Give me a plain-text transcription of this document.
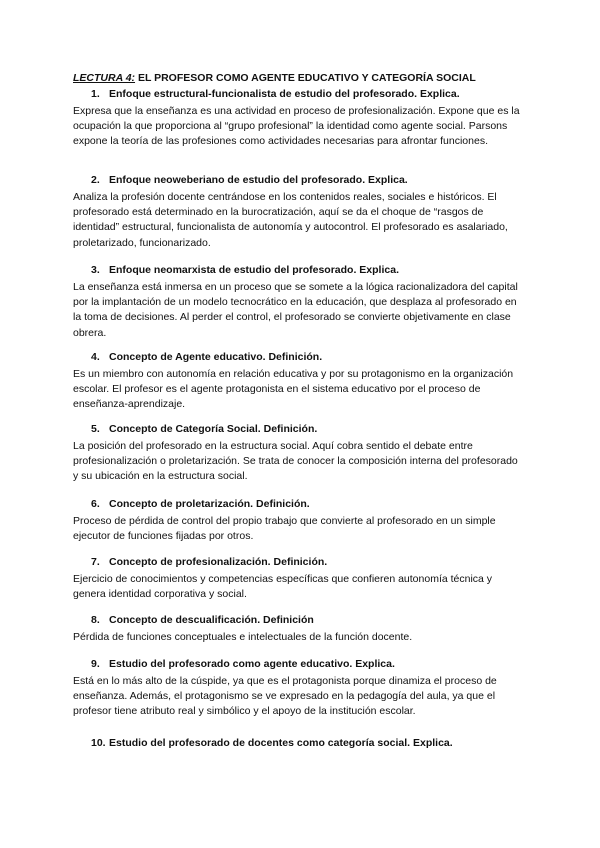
LECTURA 4: EL PROFESOR COMO AGENTE EDUCATIVO Y CATEGORÍA SOCIAL

1. Enfoque estructural-funcionalista de estudio del profesorado. Explica.

Expresa que la enseñanza es una actividad en proceso de profesionalización. Expone que es la ocupación la que proporciona al “grupo profesional” la identidad como agente social. Parsons expone la teoría de las profesiones como actividades necesarias para afrontar funciones.

2. Enfoque neoweberiano de estudio del profesorado. Explica.

Analiza la profesión docente centrándose en los contenidos reales, sociales e históricos. El profesorado está determinado en la burocratización, aquí se da el choque de “rasgos de identidad” estructural, funcionalista de autonomía y autocontrol. El profesorado es asalariado, proletarizado, funcionarizado.

3. Enfoque neomarxista de estudio del profesorado. Explica.

La enseñanza está inmersa en un proceso que se somete a la lógica racionalizadora del capital por la implantación de un modelo tecnocrático en la educación, que desplaza al profesorado en la toma de decisiones. Al perder el control, el profesorado se convierte objetivamente en clase obrera.

4. Concepto de Agente educativo. Definición.

Es un miembro con autonomía en relación educativa y por su protagonismo en la organización escolar. El profesor es el agente protagonista en el sistema educativo por el proceso de enseñanza-aprendizaje.

5. Concepto de Categoría Social. Definición.

La posición del profesorado en la estructura social. Aquí cobra sentido el debate entre profesionalización o proletarización. Se trata de conocer la composición interna del profesorado y su ubicación en la estructura social.

6. Concepto de proletarización. Definición.

Proceso de pérdida de control del propio trabajo que convierte al profesorado en un simple ejecutor de funciones fijadas por otros.

7. Concepto de profesionalización. Definición.

Ejercicio de conocimientos y competencias específicas que confieren autonomía técnica y genera identidad corporativa y social.

8. Concepto de descualificación. Definición

Pérdida de funciones conceptuales e intelectuales de la función docente.

9. Estudio del profesorado como agente educativo. Explica.

Está en lo más alto de la cúspide, ya que es el protagonista porque dinamiza el proceso de enseñanza. Además, el protagonismo se ve expresado en la pedagogía del aula, ya que el profesor tiene atributo real y simbólico y el apoyo de la institución escolar.

10. Estudio del profesorado de docentes como categoría social. Explica.
